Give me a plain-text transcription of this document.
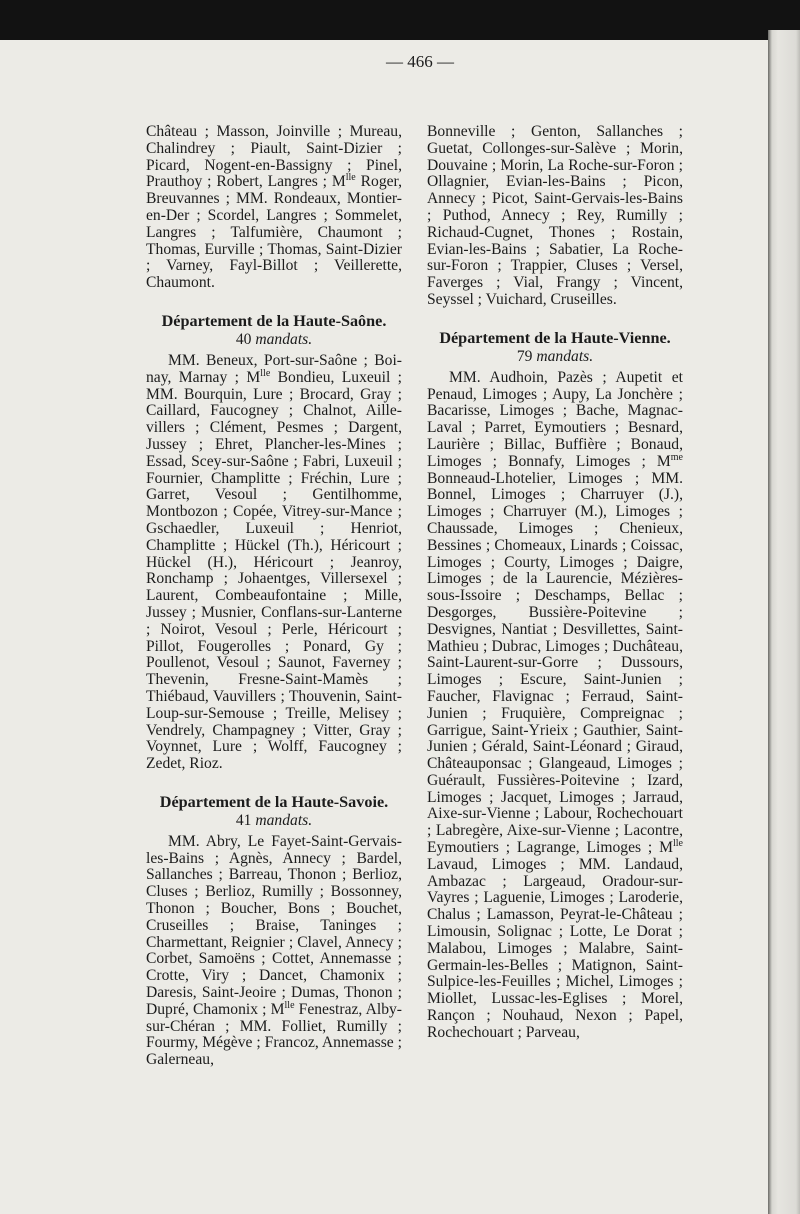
— 466 —

Château ; Masson, Joinville ; Mureau, Chalindrey ; Piault, Saint-Dizier ; Picard, Nogent-en-Bassigny ; Pinel, Prauthoy ; Robert, Langres ; $M^{lle}$ Roger, Breuvannes ; MM. Rondeaux, Montier-en-Der ; Scordel, Langres ; Sommelet, Langres ; Talfumière, Chaumont ; Thomas, Eurville ; Thomas, Saint-Dizier ; Varney, Fayl-Billot ; Veillerette, Chaumont.

Département de la Haute-Saône.

40 mandats.

MM. Beneux, Port-sur-Saône ; Boinay, Marnay ; $M^{lle}$ Bondieu, Luxeuil ; MM. Bourquin, Lure ; Brocard, Gray ; Caillard, Faucogney ; Chalnot, Aillevillers ; Clément, Pesmes ; Dargent, Jussey ; Ehret, Plancher-les-Mines ; Essad, Scey-sur-Saône ; Fabri, Luxeuil ; Fournier, Champlitte ; Fréchin, Lure ; Garret, Vesoul ; Gentilhomme, Montbozon ; Copée, Vitrey-sur-Mance ; Gschaedler, Luxeuil ; Henriot, Champlitte ; Hückel (Th.), Héricourt ; Hückel (H.), Héricourt ; Jeanroy, Ronchamp ; Johaentges, Villersexel ; Laurent, Combeaufontaine ; Mille, Jussey ; Musnier, Conflans-sur-Lanterne ; Noirot, Vesoul ; Perle, Héricourt ; Pillot, Fougerolles ; Ponard, Gy ; Poullenot, Vesoul ; Saunot, Faverney ; Thevenin, Fresne-Saint-Mamès ; Thiébaud, Vauvillers ; Thouvenin, Saint-Loup-sur-Semouse ; Treille, Melisey ; Vendrely, Champagney ; Vitter, Gray ; Voynnet, Lure ; Wolff, Faucogney ; Zedet, Rioz.

Département de la Haute-Savoie.

41 mandats.

MM. Abry, Le Fayet-Saint-Gervais-les-Bains ; Agnès, Annecy ; Bardel, Sallanches ; Barreau, Thonon ; Berlioz, Cluses ; Berlioz, Rumilly ; Bossonney, Thonon ; Boucher, Bons ; Bouchet, Cruseilles ; Braise, Taninges ; Charmettant, Reignier ; Clavel, Annecy ; Corbet, Samoëns ; Cottet, Annemasse ; Crotte, Viry ; Dancet, Chamonix ; Daresis, Saint-Jeoire ; Dumas, Thonon ; Dupré, Chamonix ; $M^{lle}$ Fenestraz, Alby-sur-Chéran ; MM. Folliet, Rumilly ; Fourmy, Mégève ; Francoz, Annemasse ; Galerneau,

Bonneville ; Genton, Sallanches ; Guetat, Collonges-sur-Salève ; Morin, Douvaine ; Morin, La Roche-sur-Foron ; Ollagnier, Evian-les-Bains ; Picon, Annecy ; Picot, Saint-Gervais-les-Bains ; Puthod, Annecy ; Rey, Rumilly ; Richaud-Cugnet, Thones ; Rostain, Evian-les-Bains ; Sabatier, La Roche-sur-Foron ; Trappier, Cluses ; Versel, Faverges ; Vial, Frangy ; Vincent, Seyssel ; Vuichard, Cruseilles.

Département de la Haute-Vienne.

79 mandats.

MM. Audhoin, Pazès ; Aupetit et Penaud, Limoges ; Aupy, La Jonchère ; Bacarisse, Limoges ; Bache, Magnac-Laval ; Parret, Eymoutiers ; Besnard, Laurière ; Billac, Buffière ; Bonaud, Limoges ; Bonnafy, Limoges ; $M^{me}$ Bonneaud-Lhotelier, Limoges ; MM. Bonnel, Limoges ; Charruyer (J.), Limoges ; Charruyer (M.), Limoges ; Chaussade, Limoges ; Chenieux, Bessines ; Chomeaux, Linards ; Coissac, Limoges ; Courty, Limoges ; Daigre, Limoges ; de la Laurencie, Mézières-sous-Issoire ; Deschamps, Bellac ; Desgorges, Bussière-Poitevine ; Desvignes, Nantiat ; Desvillettes, Saint-Mathieu ; Dubrac, Limoges ; Duchâteau, Saint-Laurent-sur-Gorre ; Dussours, Limoges ; Escure, Saint-Junien ; Faucher, Flavignac ; Ferraud, Saint-Junien ; Fruquière, Compreignac ; Garrigue, Saint-Yrieix ; Gauthier, Saint-Junien ; Gérald, Saint-Léonard ; Giraud, Châteauponsac ; Glangeaud, Limoges ; Guérault, Fussières-Poitevine ; Izard, Limoges ; Jacquet, Limoges ; Jarraud, Aixe-sur-Vienne ; Labour, Rochechouart ; Labregère, Aixe-sur-Vienne ; Lacontre, Eymoutiers ; Lagrange, Limoges ; $M^{lle}$ Lavaud, Limoges ; MM. Landaud, Ambazac ; Largeaud, Oradour-sur-Vayres ; Laguenie, Limoges ; Laroderie, Chalus ; Lamasson, Peyrat-le-Château ; Limousin, Solignac ; Lotte, Le Dorat ; Malabou, Limoges ; Malabre, Saint-Germain-les-Belles ; Matignon, Saint-Sulpice-les-Feuilles ; Michel, Limoges ; Miollet, Lussac-les-Eglises ; Morel, Rançon ; Nouhaud, Nexon ; Papel, Rochechouart ; Parveau,
